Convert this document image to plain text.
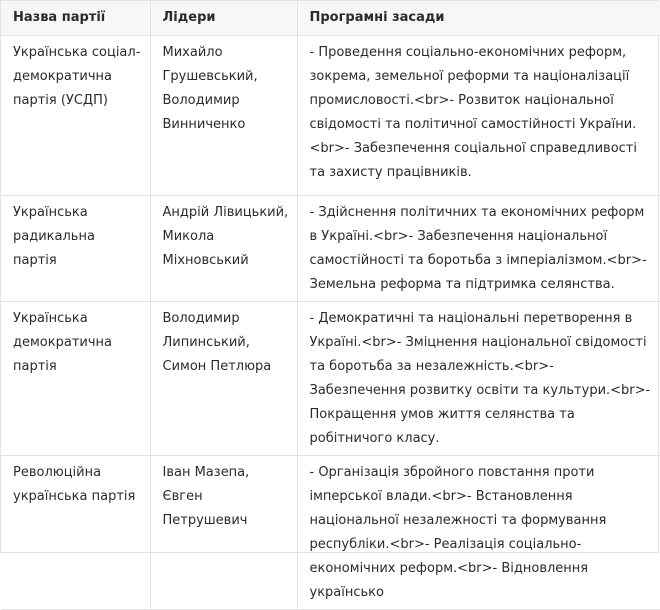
Назва партії	Лідери	Програмні засади
Українська соціал-демократична партія (УСДП)	Михайло Грушевський, Володимир Винниченко	- Проведення соціально-економічних реформ, зокрема, земельної реформи та націоналізації промисловості.<br>- Розвиток національної свідомості та політичної самостійності України.<br>- Забезпечення соціальної справедливості та захисту працівників.
Українська радикальна партія	Андрій Лівицький, Микола Міхновський	- Здійснення політичних та економічних реформ в Україні.<br>- Забезпечення національної самостійності та боротьба з імперіалізмом.<br>- Земельна реформа та підтримка селянства.
Українська демократична партія	Володимир Липинський, Симон Петлюра	- Демократичні та національні перетворення в Україні.<br>- Зміцнення національної свідомості та боротьба за незалежність.<br>- Забезпечення розвитку освіти та культури.<br>- Покращення умов життя селянства та робітничого класу.
Революційна українська партія	Іван Мазепа, Євген Петрушевич	- Організація збройного повстання проти імперської влади.<br>- Встановлення національної незалежності та формування республіки.<br>- Реалізація соціально-економічних реформ.<br>- Відновлення українсько
